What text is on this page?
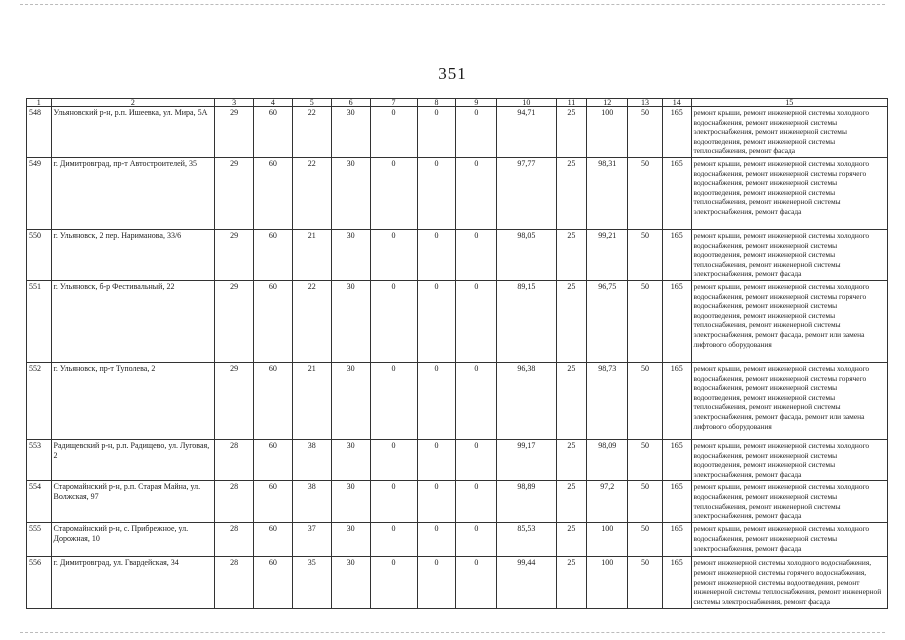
351
1	2	3	4	5	6	7	8	9	10	11	12	13	14	15
548	Ульяновский р-н, р.п. Ишеевка, ул. Мира, 5А	29	60	22	30	0	0	0	94,71	25	100	50	165	ремонт крыши, ремонт инженерной системы холодного водоснабжения, ремонт инженерной системы электроснабжения, ремонт инженерной системы водоотведения, ремонт инженерной системы теплоснабжения, ремонт фасада
549	г. Димитровград, пр-т Автостроителей, 35	29	60	22	30	0	0	0	97,77	25	98,31	50	165	ремонт крыши, ремонт инженерной системы холодного водоснабжения, ремонт инженерной системы горячего водоснабжения, ремонт инженерной системы водоотведения, ремонт инженерной системы теплоснабжения, ремонт инженерной системы электроснабжения, ремонт фасада
550	г. Ульяновск, 2 пер. Нариманова, 33/6	29	60	21	30	0	0	0	98,05	25	99,21	50	165	ремонт крыши, ремонт инженерной системы холодного водоснабжения, ремонт инженерной системы водоотведения, ремонт инженерной системы теплоснабжения, ремонт инженерной системы электроснабжения, ремонт фасада
551	г. Ульяновск, б-р Фестивальный, 22	29	60	22	30	0	0	0	89,15	25	96,75	50	165	ремонт крыши, ремонт инженерной системы холодного водоснабжения, ремонт инженерной системы горячего водоснабжения, ремонт инженерной системы водоотведения, ремонт инженерной системы теплоснабжения, ремонт инженерной системы электроснабжения, ремонт фасада, ремонт или замена лифтового оборудования
552	г. Ульяновск, пр-т Туполева, 2	29	60	21	30	0	0	0	96,38	25	98,73	50	165	ремонт крыши, ремонт инженерной системы холодного водоснабжения, ремонт инженерной системы горячего водоснабжения, ремонт инженерной системы водоотведения, ремонт инженерной системы теплоснабжения, ремонт инженерной системы электроснабжения, ремонт фасада, ремонт или замена лифтового оборудования
553	Радищевский р-н, р.п. Радищево, ул. Луговая, 2	28	60	38	30	0	0	0	99,17	25	98,09	50	165	ремонт крыши, ремонт инженерной системы холодного водоснабжения, ремонт инженерной системы водоотведения, ремонт инженерной системы электроснабжения, ремонт фасада
554	Старомайнский р-н, р.п. Старая Майна, ул. Волжская, 97	28	60	38	30	0	0	0	98,89	25	97,2	50	165	ремонт крыши, ремонт инженерной системы холодного водоснабжения, ремонт инженерной системы теплоснабжения, ремонт инженерной системы электроснабжения, ремонт фасада
555	Старомайнский р-н, с. Прибрежное, ул. Дорожная, 10	28	60	37	30	0	0	0	85,53	25	100	50	165	ремонт крыши, ремонт инженерной системы холодного водоснабжения, ремонт инженерной системы электроснабжения, ремонт фасада
556	г. Димитровград, ул. Гвардейская, 34	28	60	35	30	0	0	0	99,44	25	100	50	165	ремонт инженерной системы холодного водоснабжения, ремонт инженерной системы горячего водоснабжения, ремонт инженерной системы водоотведения, ремонт инженерной системы теплоснабжения, ремонт инженерной системы электроснабжения, ремонт фасада
